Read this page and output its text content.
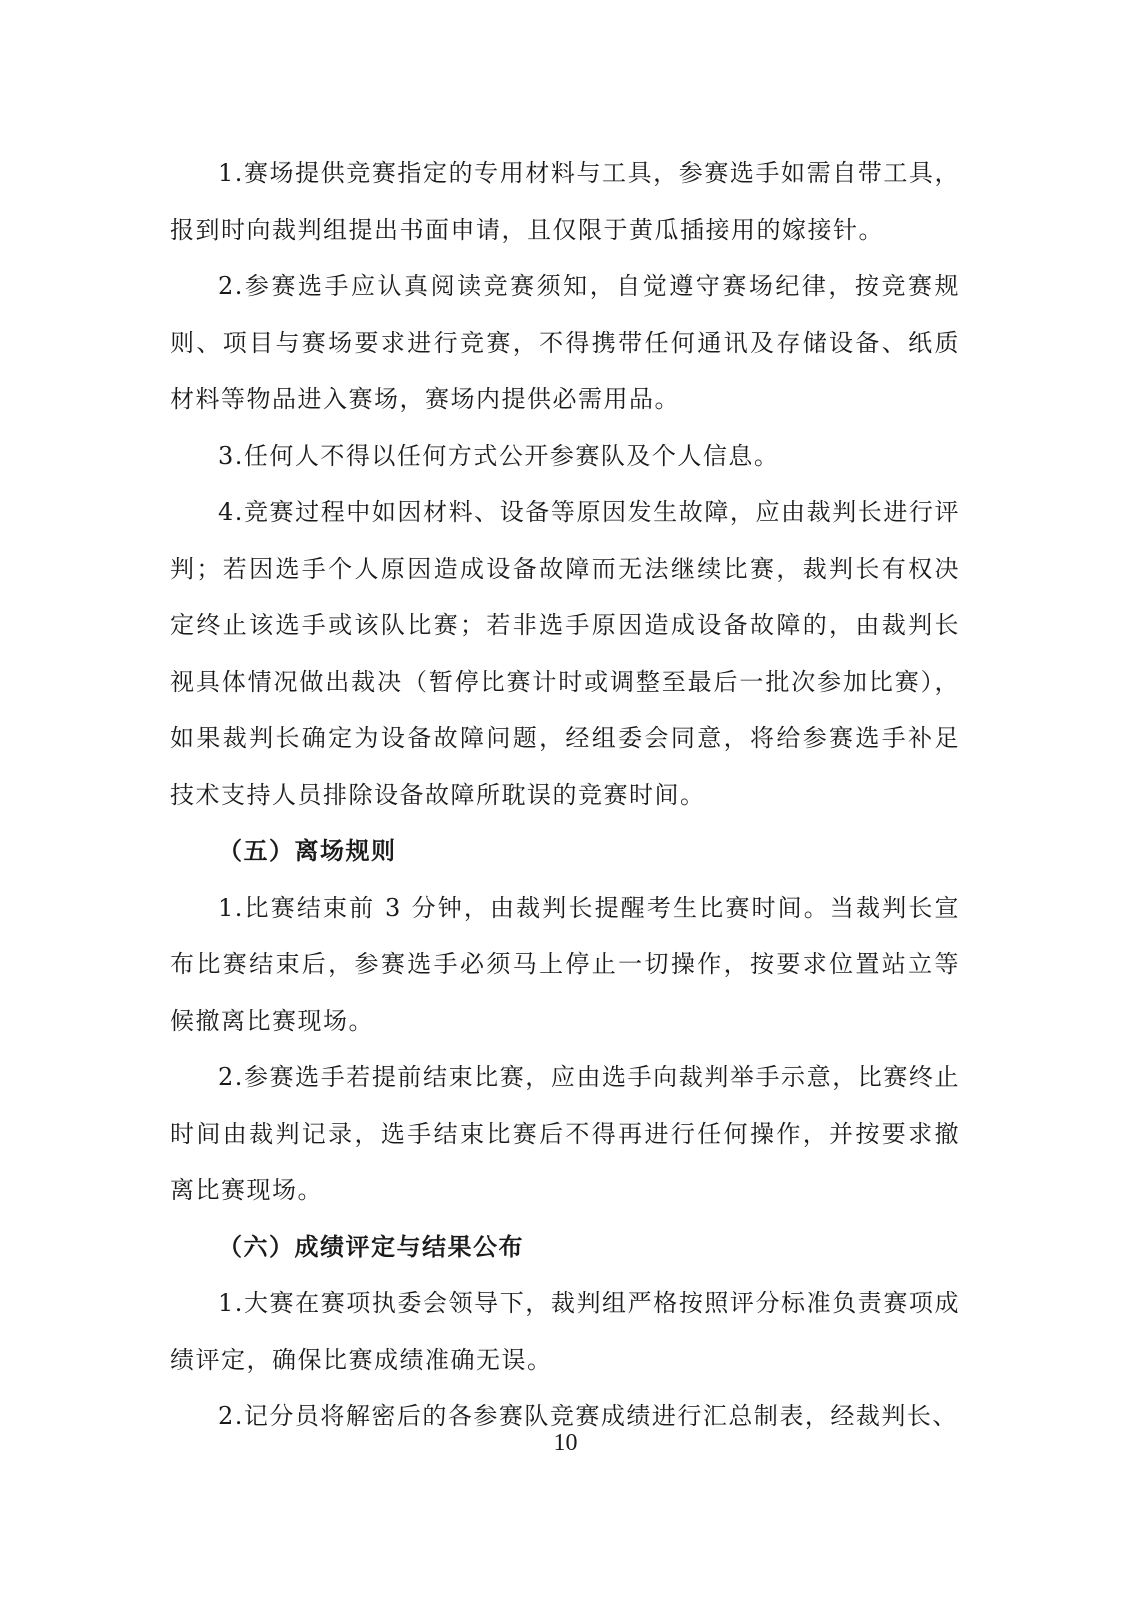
1.赛场提供竞赛指定的专用材料与工具，参赛选手如需自带工具，报到时向裁判组提出书面申请，且仅限于黄瓜插接用的嫁接针。

2.参赛选手应认真阅读竞赛须知，自觉遵守赛场纪律，按竞赛规则、项目与赛场要求进行竞赛，不得携带任何通讯及存储设备、纸质材料等物品进入赛场，赛场内提供必需用品。

3.任何人不得以任何方式公开参赛队及个人信息。

4.竞赛过程中如因材料、设备等原因发生故障，应由裁判长进行评判；若因选手个人原因造成设备故障而无法继续比赛，裁判长有权决定终止该选手或该队比赛；若非选手原因造成设备故障的，由裁判长视具体情况做出裁决（暂停比赛计时或调整至最后一批次参加比赛），如果裁判长确定为设备故障问题，经组委会同意，将给参赛选手补足技术支持人员排除设备故障所耽误的竞赛时间。

（五）离场规则

1.比赛结束前 3 分钟，由裁判长提醒考生比赛时间。当裁判长宣布比赛结束后，参赛选手必须马上停止一切操作，按要求位置站立等候撤离比赛现场。

2.参赛选手若提前结束比赛，应由选手向裁判举手示意，比赛终止时间由裁判记录，选手结束比赛后不得再进行任何操作，并按要求撤离比赛现场。

（六）成绩评定与结果公布

1.大赛在赛项执委会领导下，裁判组严格按照评分标准负责赛项成绩评定，确保比赛成绩准确无误。

2.记分员将解密后的各参赛队竞赛成绩进行汇总制表，经裁判长、

10
